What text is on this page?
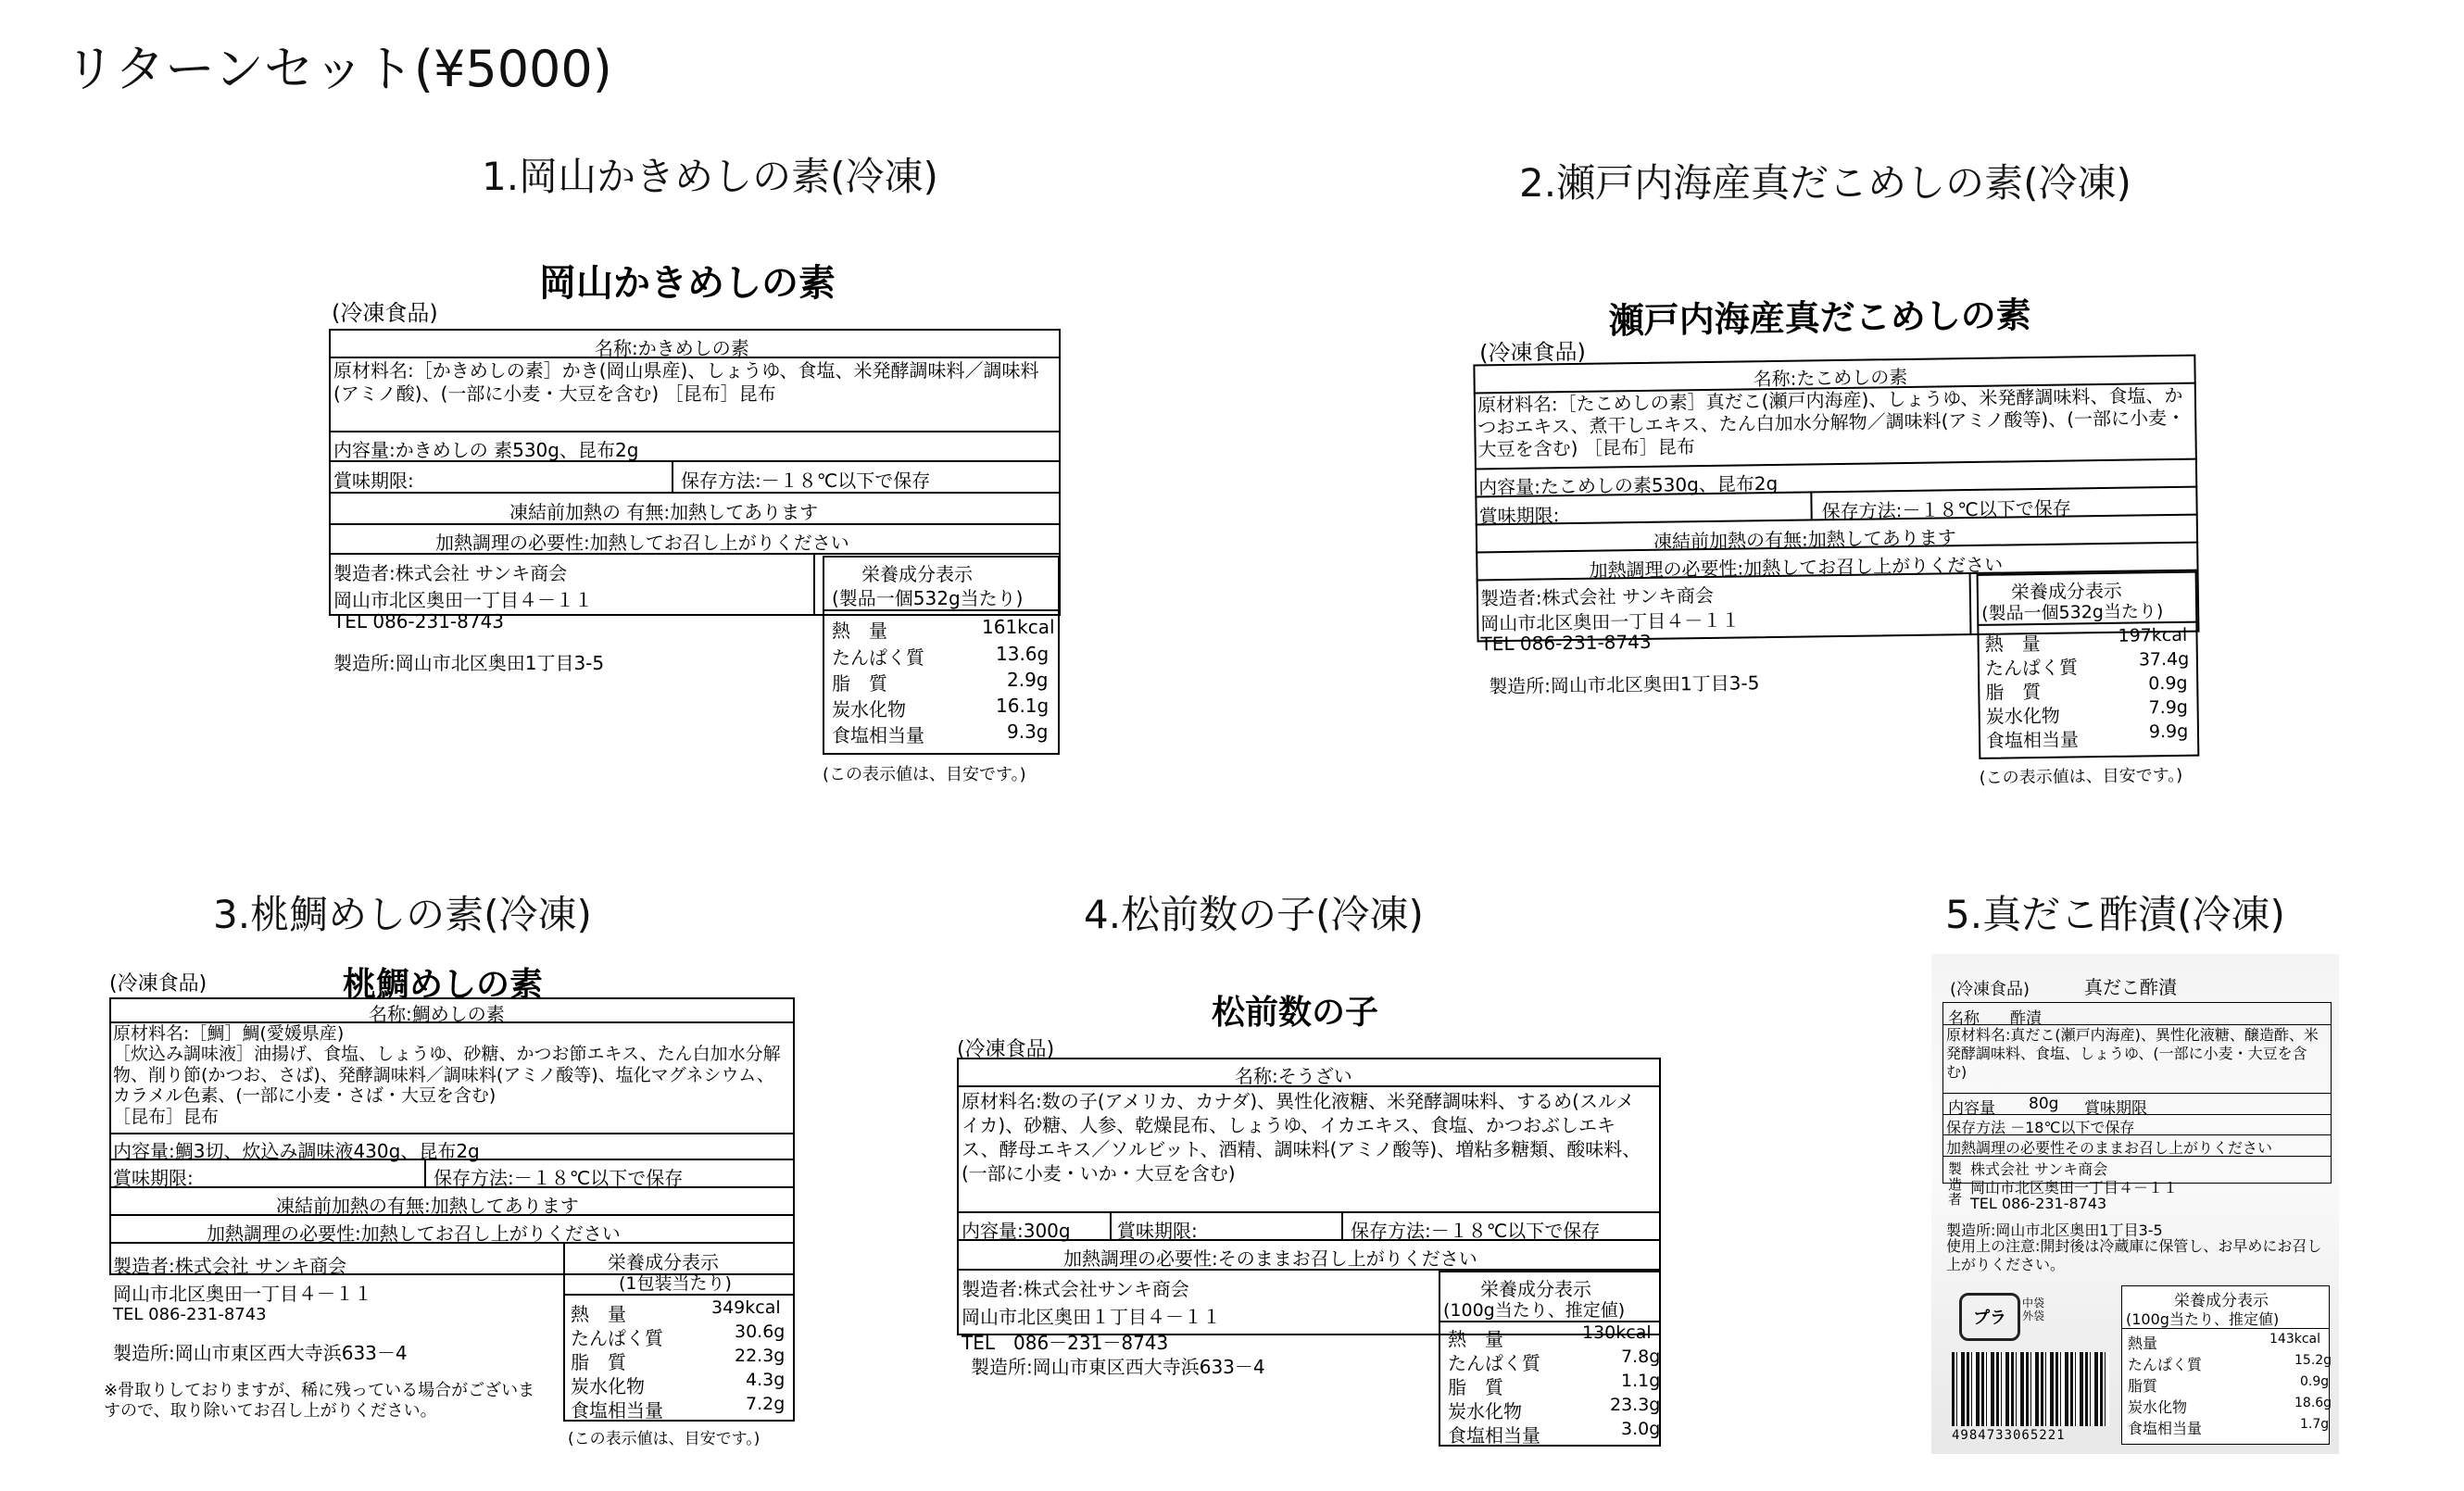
リターンセット(¥5000)
1.岡山かきめしの素(冷凍)	2.瀬戸内海産真だこめしの素(冷凍)
3.桃鯛めしの素(冷凍)	4.松前数の子(冷凍)	5.真だこ酢漬(冷凍)
(冷凍食品)
岡山かきめしの素
名称:かきめしの素
原材料名:［かきめしの素］かき(岡山県産)、しょうゆ、食塩、米発酵調味料／調味料(アミノ酸)、(一部に小麦・大豆を含む) ［昆布］昆布
内容量:かきめしの 素530g、昆布2g
賞味期限:	保存方法:－１８℃以下で保存
凍結前加熱の 有無:加熱してあります
加熱調理の必要性:加熱してお召し上がりください
製造者:株式会社 サンキ商会
岡山市北区奥田一丁目４－１１
TEL 086-231-8743
製造所:岡山市北区奥田1丁目3-5
栄養成分表示
(製品一個532g当たり)
熱　量	161kcal
たんぱく質	13.6g
脂　質	2.9g
炭水化物	16.1g
食塩相当量	9.3g
(この表示値は、目安です。)
瀬戸内海産真だこめしの素
(冷凍食品)
名称:たこめしの素
原材料名:［たこめしの素］真だこ(瀬戸内海産)、しょうゆ、米発酵調味料、食塩、かつおエキス、煮干しエキス、たん白加水分解物／調味料(アミノ酸等)、(一部に小麦・大豆を含む) ［昆布］昆布
内容量:たこめしの素530g、昆布2g
賞味期限:	保存方法:－１８℃以下で保存
凍結前加熱の有無:加熱してあります
加熱調理の必要性:加熱してお召し上がりください
製造者:株式会社 サンキ商会
岡山市北区奥田一丁目４－１１
TEL 086-231-8743
製造所:岡山市北区奥田1丁目3-5
栄養成分表示
(製品一個532g当たり)
熱　量	197kcal
たんぱく質	37.4g
脂　質	0.9g
炭水化物	7.9g
食塩相当量	9.9g
(この表示値は、目安です。)
(冷凍食品)	桃鯛めしの素
名称:鯛めしの素
原材料名:［鯛］鯛(愛媛県産)
［炊込み調味液］油揚げ、食塩、しょうゆ、砂糖、かつお節エキス、たん白加水分解物、削り節(かつお、さば)、発酵調味料／調味料(アミノ酸等)、塩化マグネシウム、カラメル色素、(一部に小麦・さば・大豆を含む)
［昆布］昆布
内容量:鯛3切、炊込み調味液430g、昆布2g
賞味期限:	保存方法:－１８℃以下で保存
凍結前加熱の有無:加熱してあります
加熱調理の必要性:加熱してお召し上がりください
製造者:株式会社 サンキ商会
岡山市北区奥田一丁目４－１１
TEL 086-231-8743
製造所:岡山市東区西大寺浜633－4
栄養成分表示
(1包装当たり)
熱　量	349kcal
たんぱく質	30.6g
脂　質	22.3g
炭水化物	4.3g
食塩相当量	7.2g
※骨取りしておりますが、稀に残っている場合がございますので、取り除いてお召し上がりください。
(この表示値は、目安です。)
松前数の子
(冷凍食品)
名称:そうざい
原材料名:数の子(アメリカ、カナダ)、異性化液糖、米発酵調味料、するめ(スルメイカ)、砂糖、人参、乾燥昆布、しょうゆ、イカエキス、食塩、かつおぶしエキス、酵母エキス／ソルビット、酒精、調味料(アミノ酸等)、増粘多糖類、酸味料、(一部に小麦・いか・大豆を含む)
内容量:300g	賞味期限:	保存方法:－１８℃以下で保存
加熱調理の必要性:そのままお召し上がりください
製造者:株式会社サンキ商会
岡山市北区奥田１丁目４－１１
TEL　086－231－8743
製造所:岡山市東区西大寺浜633－4
栄養成分表示
(100g当たり、推定値)
熱　量	130kcal
たんぱく質	7.8g
脂　質	1.1g
炭水化物	23.3g
食塩相当量	3.0g
(冷凍食品)	真だこ酢漬
名称 酢漬
原材料名:真だこ(瀬戸内海産)、異性化液糖、醸造酢、米発酵調味料、食塩、しょうゆ、(一部に小麦・大豆を含む)
内容量 80g 賞味期限
保存方法 －18℃以下で保存
加熱調理の必要性そのままお召し上がりください
製造者
株式会社 サンキ商会
岡山市北区奥田一丁目４－１１
TEL 086-231-8743
製造所:岡山市北区奥田1丁目3-5
使用上の注意:開封後は冷蔵庫に保管し、お早めにお召し上がりください。
プラ
中袋
外袋
栄養成分表示
(100g当たり、推定値)
熱量	143kcal
たんぱく質	15.2g
脂質	0.9g
炭水化物	18.6g
食塩相当量	1.7g
4984733065221
